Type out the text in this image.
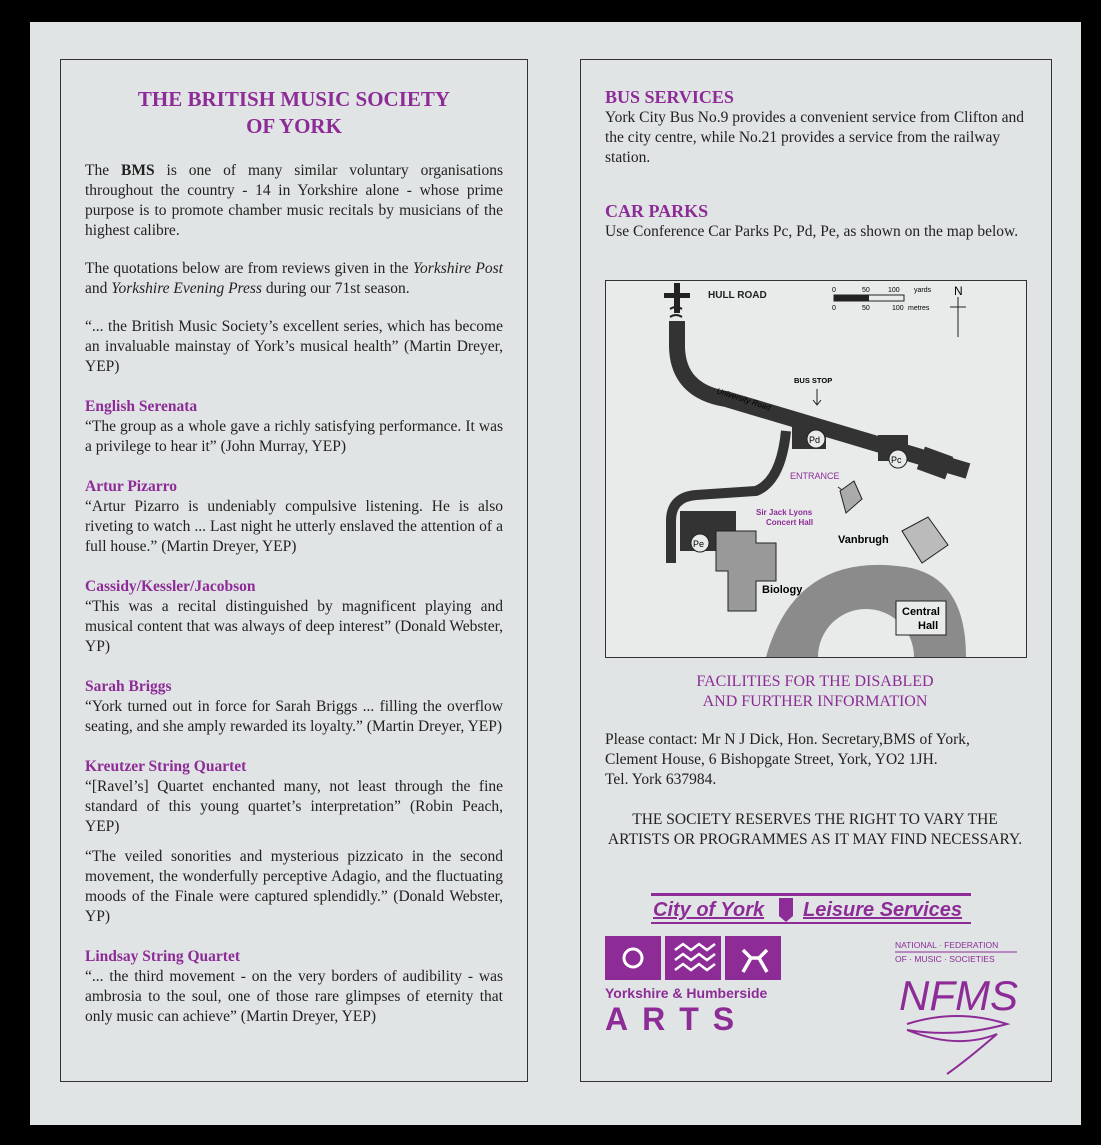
THE BRITISH MUSIC SOCIETY
OF YORK

The BMS is one of many similar voluntary organisations throughout the country - 14 in Yorkshire alone - whose prime purpose is to promote chamber music recitals by musicians of the highest calibre.

The quotations below are from reviews given in the Yorkshire Post and Yorkshire Evening Press during our 71st season.

“... the British Music Society’s excellent series, which has become an invaluable mainstay of York’s musical health” (Martin Dreyer, YEP)

English Serenata

“The group as a whole gave a richly satisfying performance. It was a privilege to hear it” (John Murray, YEP)

Artur Pizarro

“Artur Pizarro is undeniably compulsive listening. He is also riveting to watch ... Last night he utterly enslaved the attention of a full house.” (Martin Dreyer, YEP)

Cassidy/Kessler/Jacobson

“This was a recital distinguished by magnificent playing and musical content that was always of deep interest” (Donald Webster, YP)

Sarah Briggs

“York turned out in force for Sarah Briggs ... filling the overflow seating, and she amply rewarded its loyalty.” (Martin Dreyer, YEP)

Kreutzer String Quartet

“[Ravel’s] Quartet enchanted many, not least through the fine standard of this young quartet’s interpretation” (Robin Peach, YEP)

“The veiled sonorities and mysterious pizzicato in the second movement, the wonderfully perceptive Adagio, and the fluctuating moods of the Finale were captured splendidly.” (Donald Webster, YP)

Lindsay String Quartet

“... the third movement - on the very borders of audibility - was ambrosia to the soul, one of those rare glimpses of eternity that only music can achieve” (Martin Dreyer, YEP)

BUS SERVICES

York City Bus No.9 provides a convenient service from Clifton and the city centre, while No.21 provides a service from the railway station.

CAR PARKS

Use Conference Car Parks Pc, Pd, Pe, as shown on the map below.

HULL ROAD	0	50	100 yards
0	50	100 metres
N
University Road
BUS STOP
Pd
Pc
Pe
ENTRANCE
Sir Jack Lyons
Concert Hall
Vanbrugh
Biology
Central
Hall
FACILITIES FOR THE DISABLED
AND FURTHER INFORMATION
Please contact: Mr N J Dick, Hon. Secretary,BMS of York,
Clement House, 6 Bishopgate Street, York, YO2 1JH.
Tel. York 637984.
THE SOCIETY RESERVES THE RIGHT TO VARY THE ARTISTS OR PROGRAMMES AS IT MAY FIND NECESSARY.
City of York Leisure Services
Yorkshire & Humberside
ARTS
NATIONAL · FEDERATION
OF · MUSIC · SOCIETIES
NFMS
